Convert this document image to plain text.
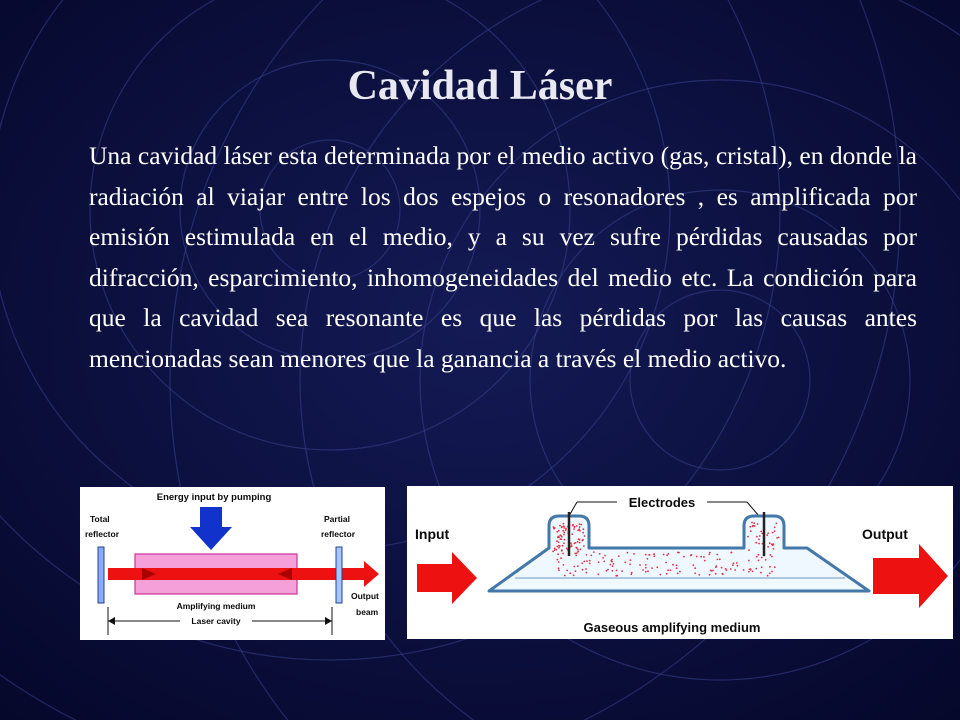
Cavidad Láser

Una cavidad láser esta determinada por el medio activo (gas, cristal), en donde la radiación al viajar entre los dos espejos o resonadores , es amplificada por emisión estimulada en el medio, y a su vez sufre pérdidas causadas por difracción, esparcimiento, inhomogeneidades del medio etc. La condición para que la cavidad sea resonante es que las pérdidas por las causas antes mencionadas sean menores que la ganancia a través el medio activo.

Energy input by pumping
Total
reflector
Partial
reflector
Amplifying medium
Laser cavity
Output
beam
Electrodes
Input	Output
Gaseous amplifying medium
